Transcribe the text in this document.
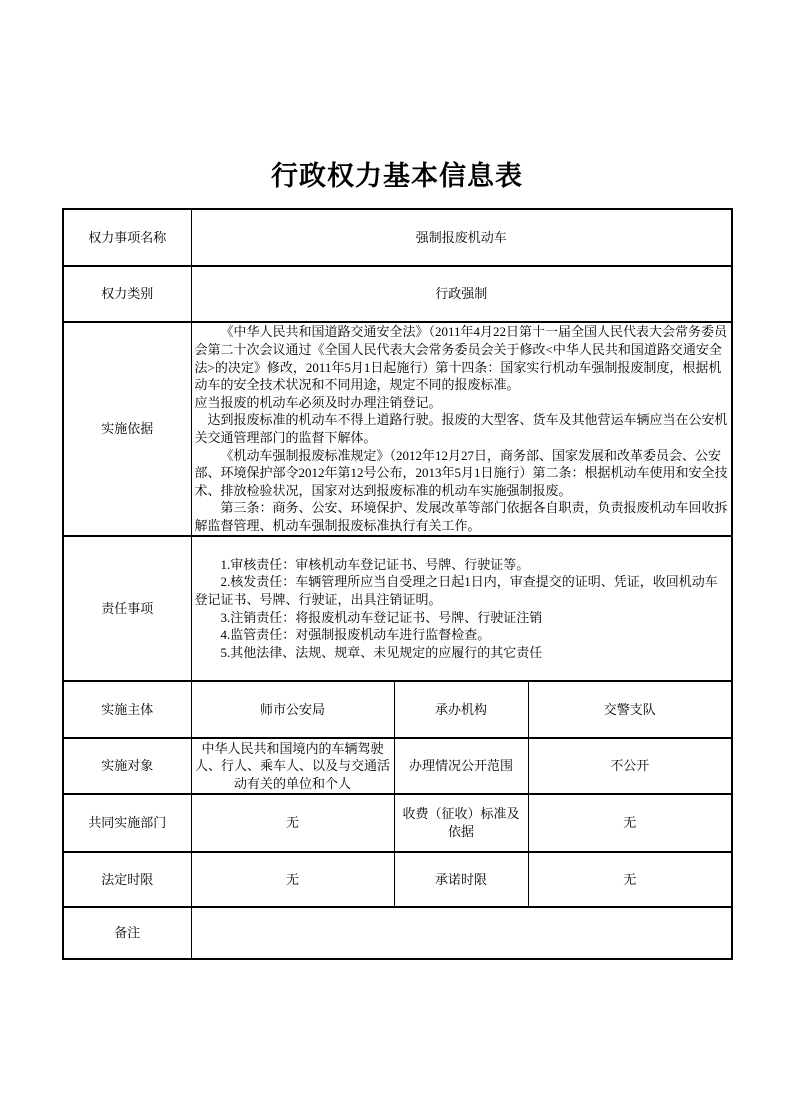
行政权力基本信息表
权力事项名称	强制报废机动车		
权力类别	行政强制		
实施依据	《中华人民共和国道路交通安全法》（2011年4月22日第十一届全国人民代表大会常务委员会第二十次会议通过《全国人民代表大会常务委员会关于修改<中华人民共和国道路交通安全法>的决定》修改，2011年5月1日起施行）第十四条：国家实行机动车强制报废制度，根据机动车的安全技术状况和不同用途，规定不同的报废标准。

应当报废的机动车必须及时办理注销登记。

达到报废标准的机动车不得上道路行驶。报废的大型客、货车及其他营运车辆应当在公安机关交通管理部门的监督下解体。

《机动车强制报废标准规定》（2012年12月27日，商务部、国家发展和改革委员会、公安部、环境保护部令2012年第12号公布，2013年5月1日施行）第二条：根据机动车使用和安全技术、排放检验状况，国家对达到报废标准的机动车实施强制报废。

第三条：商务、公安、环境保护、发展改革等部门依据各自职责，负责报废机动车回收拆解监督管理、机动车强制报废标准执行有关工作。		

责任事项	1.审核责任：审核机动车登记证书、号牌、行驶证等。

2.核发责任：车辆管理所应当自受理之日起1日内，审查提交的证明、凭证，收回机动车登记证书、号牌、行驶证，出具注销证明。

3.注销责任：将报废机动车登记证书、号牌、行驶证注销

4.监管责任：对强制报废机动车进行监督检查。

5.其他法律、法规、规章、未见规定的应履行的其它责任		

实施主体	师市公安局	承办机构	交警支队
实施对象	中华人民共和国境内的车辆驾驶人、行人、乘车人、以及与交通活动有关的单位和个人	办理情况公开范围	不公开
共同实施部门	无	收费（征收）标准及依据	无
法定时限	无	承诺时限	无
备注			
